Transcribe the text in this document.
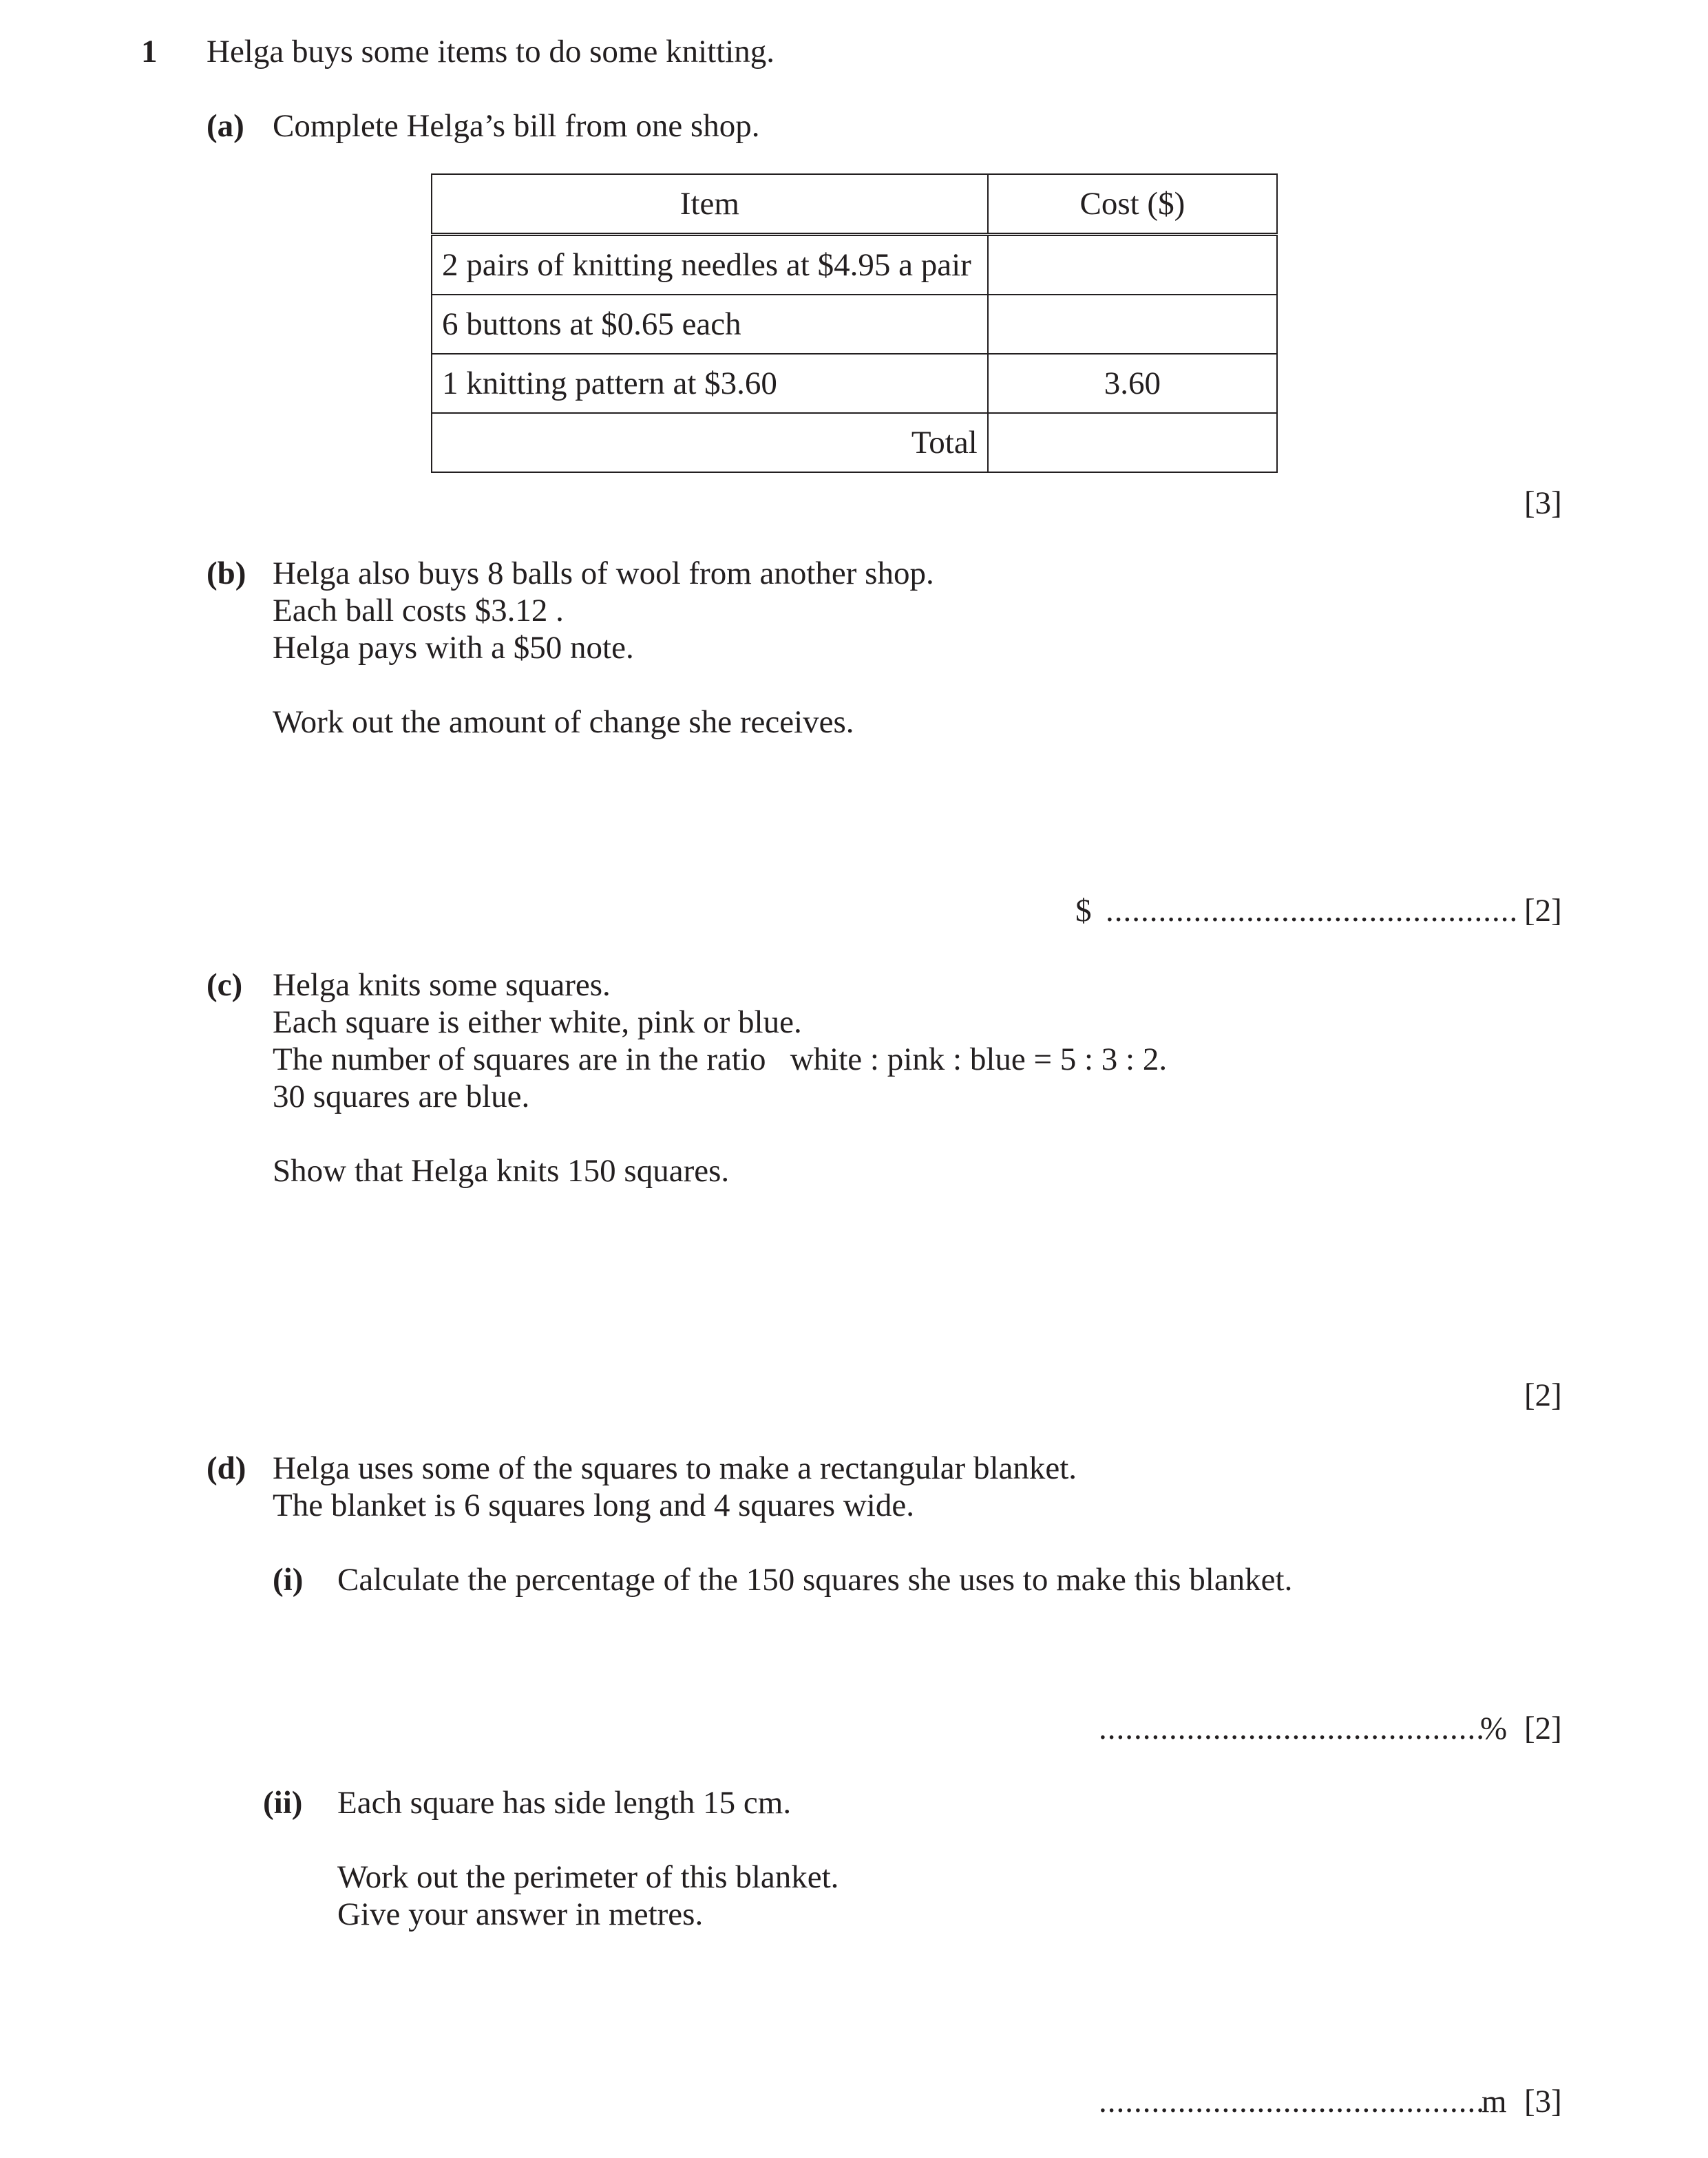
1 Helga buys some items to do some knitting.
(a) Complete Helga’s bill from one shop.
Item	Cost ($)
2 pairs of knitting needles at $4.95 a pair	
6 buttons at $0.65 each	
1 knitting pattern at $3.60	3.60
Total	
[3]
(b) Helga also buys 8 balls of wool from another shop.
Each ball costs $3.12 .
Helga pays with a $50 note.
Work out the amount of change she receives.
$ ............................................... [2]
(c) Helga knits some squares.
Each square is either white, pink or blue.
The number of squares are in the ratio   white : pink : blue = 5 : 3 : 2.
30 squares are blue.
Show that Helga knits 150 squares.
[2]
(d) Helga uses some of the squares to make a rectangular blanket.
The blanket is 6 squares long and 4 squares wide.
(i) Calculate the percentage of the 150 squares she uses to make this blanket.
............................................
% [2]
(ii) Each square has side length 15 cm.
Work out the perimeter of this blanket.
Give your answer in metres.
............................................
m [3]
